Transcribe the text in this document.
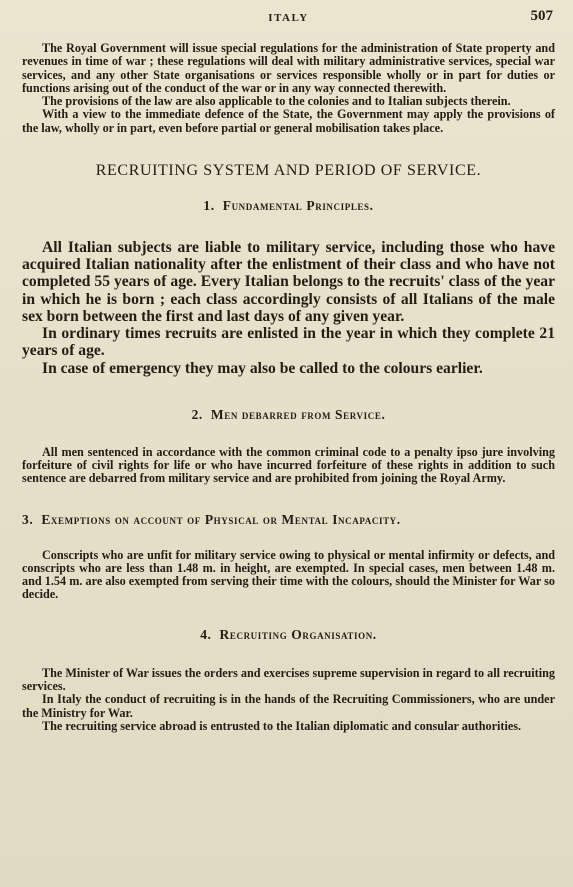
ITALY	507

The Royal Government will issue special regulations for the administration of State property and revenues in time of war ; these regulations will deal with military administrative services, special war services, and any other State organisations or services responsible wholly or in part for duties or functions arising out of the conduct of the war or in any way connected therewith.

The provisions of the law are also applicable to the colonies and to Italian subjects therein.

With a view to the immediate defence of the State, the Government may apply the provisions of the law, wholly or in part, even before partial or general mobilisation takes place.

RECRUITING SYSTEM AND PERIOD OF SERVICE.
1. Fundamental Principles.

All Italian subjects are liable to military service, including those who have acquired Italian nationality after the enlistment of their class and who have not completed 55 years of age. Every Italian belongs to the recruits' class of the year in which he is born ; each class accordingly consists of all Italians of the male sex born between the first and last days of any given year.

In ordinary times recruits are enlisted in the year in which they complete 21 years of age.

In case of emergency they may also be called to the colours earlier.

2. Men debarred from Service.

All men sentenced in accordance with the common criminal code to a penalty ipso jure involving forfeiture of civil rights for life or who have incurred forfeiture of these rights in addition to such sentence are debarred from military service and are prohibited from joining the Royal Army.

3. Exemptions on account of Physical or Mental Incapacity.

Conscripts who are unfit for military service owing to physical or mental infirmity or defects, and conscripts who are less than 1.48 m. in height, are exempted. In special cases, men between 1.48 m. and 1.54 m. are also exempted from serving their time with the colours, should the Minister for War so decide.

4. Recruiting Organisation.

The Minister of War issues the orders and exercises supreme supervision in regard to all recruiting services.

In Italy the conduct of recruiting is in the hands of the Recruiting Commissioners, who are under the Ministry for War.

The recruiting service abroad is entrusted to the Italian diplomatic and consular authorities.
